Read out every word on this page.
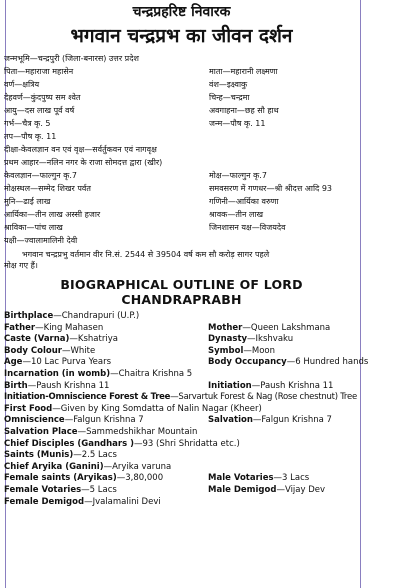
चन्द्रप्रहरिष्ट निवारक
भगवान चन्द्रप्रभ का जीवन दर्शन
जन्मभूमि—चन्द्रपुरी (जिला-बनारस) उत्तर प्रदेश
पिता—महाराजा महासेन	माता—महारानी लक्ष्मणा
वर्ण—क्षत्रिय	वंश—इक्ष्वाकु
देहवर्ण—कुंदपुष्प सम श्वेत	चिन्ह—चन्द्रमा
आयु—दस लाख पूर्व वर्ष	अवगाहना—छह सौ हाथ
गर्भ—चैत्र कृ. 5	जन्म—पौष कृ. 11
तप—पौष कृ. 11
दीक्षा-केवलज्ञान वन एवं वृक्ष—सर्वर्तुकवन एवं नागवृक्ष
प्रथम आहार—नलिन नगर के राजा सोमदत्त द्वारा (खीर)
केवलज्ञान—फाल्गुन कृ.7	मोक्ष—फाल्गुन कृ.7
मोक्षस्थल—सम्मेद शिखर पर्वत	समवसरण में गणधर—श्री श्रीदत्त आदि 93
मुनि—ढाई लाख	गणिनी—आर्यिका वरुणा
आर्यिका—तीन लाख अस्सी हजार	श्रावक—तीन लाख
श्राविका—पांच लाख	जिनशासन यक्ष—विजयदेव
यक्षी—ज्वालामालिनी देवी
भगवान चन्द्रप्रभु वर्तमान वीर नि.सं. 2544 से 39504 वर्ष कम सौ करोड़ सागर पहले
मोक्ष गए हैं।
BIOGRAPHICAL OUTLINE OF LORD CHANDRAPRABH
Birthplace—Chandrapuri (U.P.)
Father—King Mahasen	Mother—Queen Lakshmana
Caste (Varna)—Kshatriya	Dynasty—Ikshvaku
Body Colour—White	Symbol—Moon
Age—10 Lac Purva Years	Body Occupancy—6 Hundred hands
Incarnation (in womb)—Chaitra Krishna 5
Birth—Paush Krishna 11	Initiation—Paush Krishna 11
Initiation-Omniscience Forest & Tree—Sarvartuk Forest & Nag (Rose chestnut) Tree
First Food—Given by King Somdatta of Nalin Nagar (Kheer)
Omniscience—Falgun Krishna 7	Salvation—Falgun Krishna 7
Salvation Place—Sammedshikhar Mountain
Chief Disciples (Gandhars )—93 (Shri Shridatta etc.)
Saints (Munis)—2.5 Lacs
Chief Aryika (Ganini)—Aryika varuna
Female saints (Aryikas)—3,80,000	Male Votaries—3 Lacs
Female Votaries—5 Lacs	Male Demigod—Vijay Dev
Female Demigod—Jvalamalini Devi
